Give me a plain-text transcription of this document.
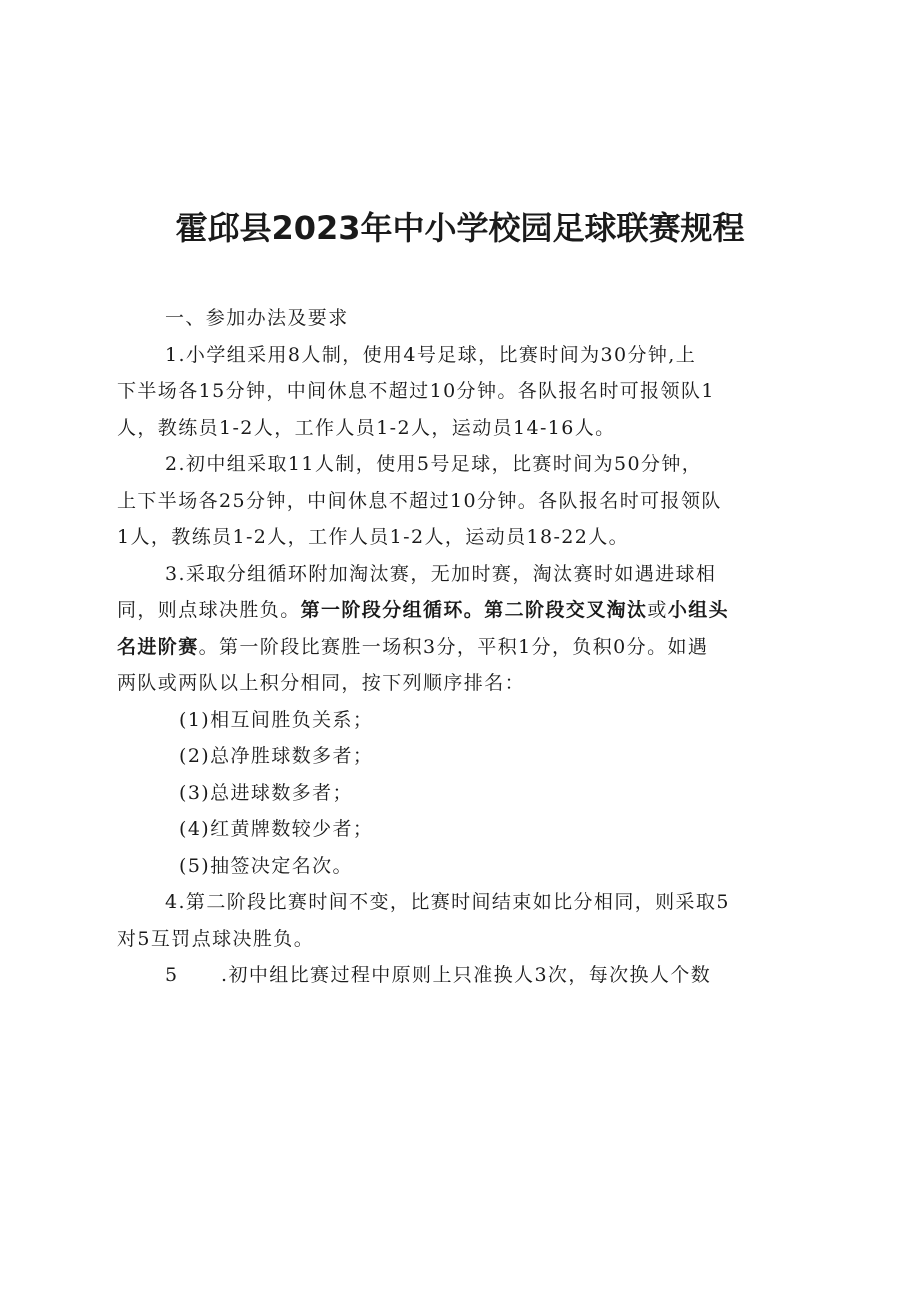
霍邱县2023年中小学校园足球联赛规程

一、参加办法及要求

1.小学组采用8人制，使用4号足球，比赛时间为30分钟,上
下半场各15分钟，中间休息不超过10分钟。各队报名时可报领队1
人，教练员1-2人，工作人员1-2人，运动员14-16人。

2.初中组采取11人制，使用5号足球，比赛时间为50分钟，
上下半场各25分钟，中间休息不超过10分钟。各队报名时可报领队
1人，教练员1-2人，工作人员1-2人，运动员18-22人。

3.采取分组循环附加淘汰赛，无加时赛，淘汰赛时如遇进球相
同，则点球决胜负。第一阶段分组循环。第二阶段交叉淘汰或小组头
名进阶赛。第一阶段比赛胜一场积3分，平积1分，负积0分。如遇
两队或两队以上积分相同，按下列顺序排名：

(1)相互间胜负关系；
(2)总净胜球数多者；
(3)总进球数多者；
(4)红黄牌数较少者；
(5)抽签决定名次。

4.第二阶段比赛时间不变，比赛时间结束如比分相同，则采取5
对5互罚点球决胜负。

5 .初中组比赛过程中原则上只准换人3次，每次换人个数
